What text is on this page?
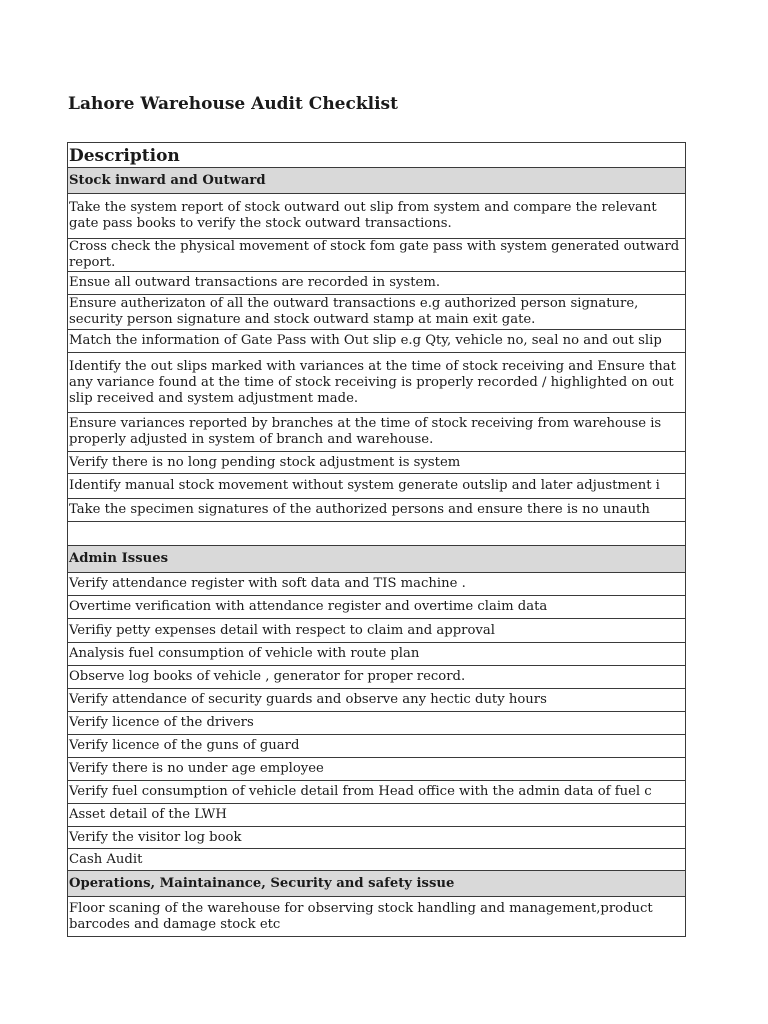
Lahore Warehouse Audit Checklist
Description
Stock inward and Outward
Take the system report of stock outward out slip from system and compare the relevant gate pass books to verify the stock outward transactions.
Cross check the physical movement of stock fom gate pass with system generated outward report.
Ensue all outward transactions are recorded in system.
Ensure autherizaton of all the outward transactions e.g authorized person signature, security person signature and stock outward stamp at main exit gate.
Match the information of Gate Pass with Out slip e.g Qty, vehicle no, seal no and out slip
Identify the out slips marked with variances at the time of stock receiving and Ensure that any variance found at the time of stock receiving is properly recorded / highlighted on out slip received and system adjustment made.
Ensure variances reported by branches at the time of stock receiving from warehouse is properly adjusted in system of branch and warehouse.
Verify there is no long pending stock adjustment is system
Identify manual stock movement without system generate outslip and later adjustment i
Take the specimen signatures of the authorized persons and ensure there is no unauth

Admin Issues
Verify attendance register with soft data and TIS machine .
Overtime verification with attendance register and overtime claim data
Verifiy petty expenses detail with respect to claim and approval
Analysis fuel consumption of vehicle with route plan
Observe log books of vehicle , generator for proper record.
Verify attendance of security guards and observe any hectic duty hours
Verify licence of the drivers
Verify licence of the guns of guard
Verify there is no under age employee
Verify fuel consumption of vehicle detail from Head office with the admin data of fuel c
Asset detail of the LWH
Verify the visitor log book
Cash Audit
Operations, Maintainance, Security and safety issue
Floor scaning of the warehouse for observing stock handling and management,product barcodes and damage stock etc
